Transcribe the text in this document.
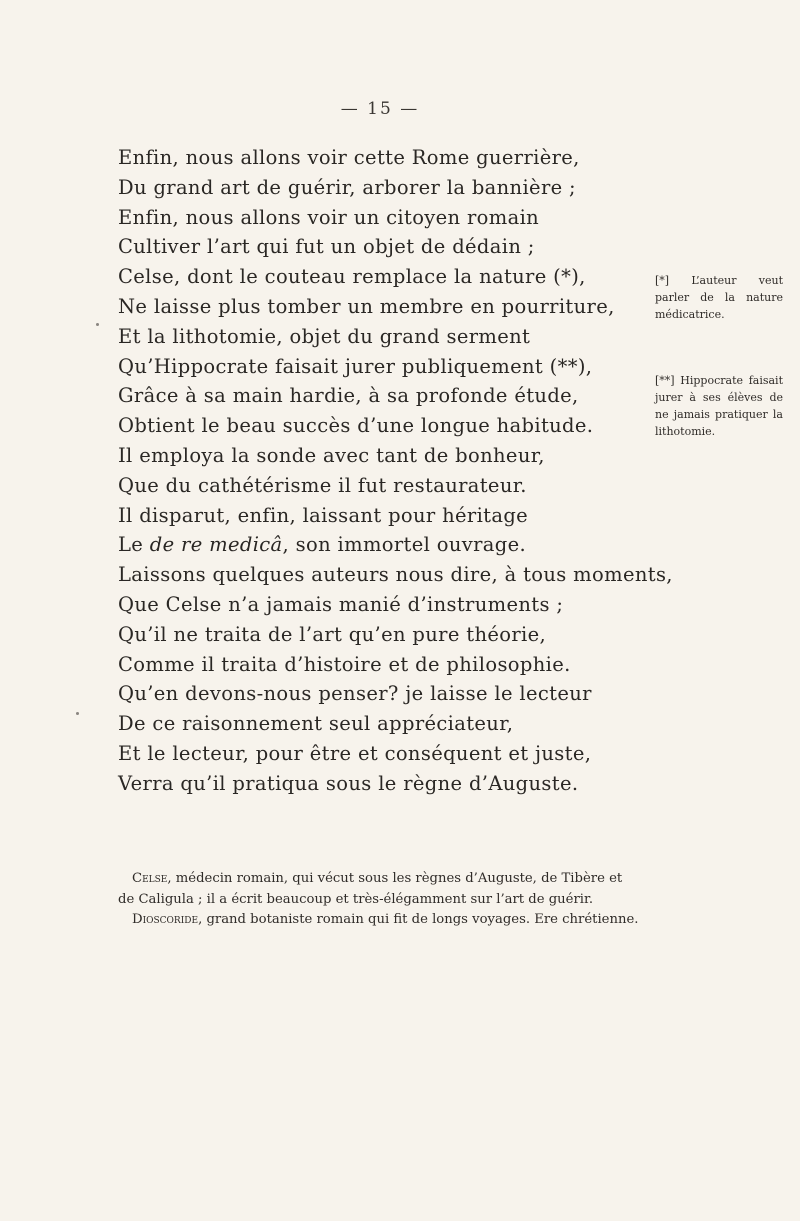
— 15 —
Enfin, nous allons voir cette Rome guerrière,
Du grand art de guérir, arborer la bannière ;
Enfin, nous allons voir un citoyen romain
Cultiver l’art qui fut un objet de dédain ;
Celse, dont le couteau remplace la nature (*),
Ne laisse plus tomber un membre en pourriture,
Et la lithotomie, objet du grand serment
Qu’Hippocrate faisait jurer publiquement (**),
Grâce à sa main hardie, à sa profonde étude,
Obtient le beau succès d’une longue habitude.
Il employa la sonde avec tant de bonheur,
Que du cathétérisme il fut restaurateur.
Il disparut, enfin, laissant pour héritage
Le de re medicâ, son immortel ouvrage.
Laissons quelques auteurs nous dire, à tous moments,
Que Celse n’a jamais manié d’instruments ;
Qu’il ne traita de l’art qu’en pure théorie,
Comme il traita d’histoire et de philosophie.
Qu’en devons-nous penser? je laisse le lecteur
De ce raisonnement seul appréciateur,
Et le lecteur, pour être et conséquent et juste,
Verra qu’il pratiqua sous le règne d’Auguste.
[*] L’auteur veut parler de la nature médicatrice.
[**] Hippocrate faisait jurer à ses élèves de ne jamais pratiquer la lithotomie.
Celse, médecin romain, qui vécut sous les règnes d’Auguste, de Tibère et
de Caligula ; il a écrit beaucoup et très-élégamment sur l’art de guérir.
Dioscoride, grand botaniste romain qui fit de longs voyages. Ere chrétienne.
